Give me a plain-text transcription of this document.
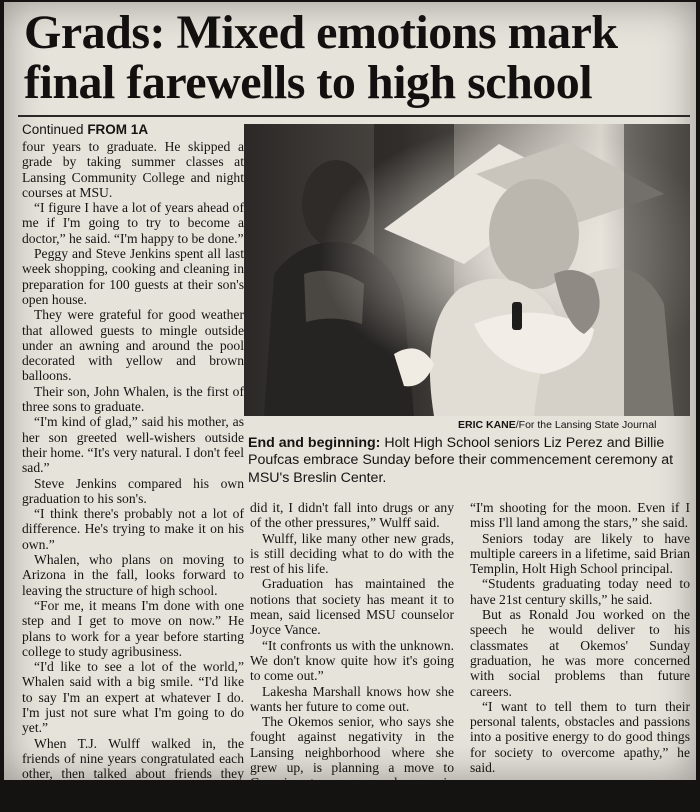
Grads: Mixed emotions mark final farewells to high school
Continued FROM 1A

four years to graduate. He skipped a grade by taking summer classes at Lansing Community College and night courses at MSU.

“I figure I have a lot of years ahead of me if I'm going to try to become a doctor,” he said. “I'm happy to be done.”

Peggy and Steve Jenkins spent all last week shopping, cooking and cleaning in preparation for 100 guests at their son's open house.

They were grateful for good weather that allowed guests to mingle outside under an awning and around the pool decorated with yellow and brown balloons.

Their son, John Whalen, is the first of three sons to graduate.

“I'm kind of glad,” said his mother, as her son greeted well-wishers outside their home. “It's very natural. I don't feel sad.”

Steve Jenkins compared his own graduation to his son's.

“I think there's probably not a lot of difference. He's trying to make it on his own.”

Whalen, who plans on moving to Arizona in the fall, looks forward to leaving the structure of high school.

“For me, it means I'm done with one step and I get to move on now.” He plans to work for a year before starting college to study agribusiness.

“I'd like to see a lot of the world,” Whalen said with a big smile. “I'd like to say I'm an expert at whatever I do. I'm just not sure what I'm going to do yet.”

When T.J. Wulff walked in, the friends of nine years congratulated each other, then talked about friends they won't see again.

“The best part is to know that I

ERIC KANE/For the Lansing State Journal
End and beginning: Holt High School seniors Liz Perez and Billie Poufcas embrace Sunday before their commencement ceremony at MSU's Breslin Center.

did it, I didn't fall into drugs or any of the other pressures,” Wulff said.

Wulff, like many other new grads, is still deciding what to do with the rest of his life.

Graduation has maintained the notions that society has meant it to mean, said licensed MSU counselor Joyce Vance.

“It confronts us with the unknown. We don't know quite how it's going to come out.”

Lakesha Marshall knows how she wants her future to come out.

The Okemos senior, who says she fought against negativity in the Lansing neighborhood where she grew up, is planning a move to Georgia to pursue degree in psychology.

“I'm shooting for the moon. Even if I miss I'll land among the stars,” she said.

Seniors today are likely to have multiple careers in a lifetime, said Brian Templin, Holt High School principal.

“Students graduating today need to have 21st century skills,” he said.

But as Ronald Jou worked on the speech he would deliver to his classmates at Okemos' Sunday graduation, he was more concerned with social problems than future careers.

“I want to tell them to turn their personal talents, obstacles and passions into a positive energy to do good things for society to overcome apathy,” he said.
